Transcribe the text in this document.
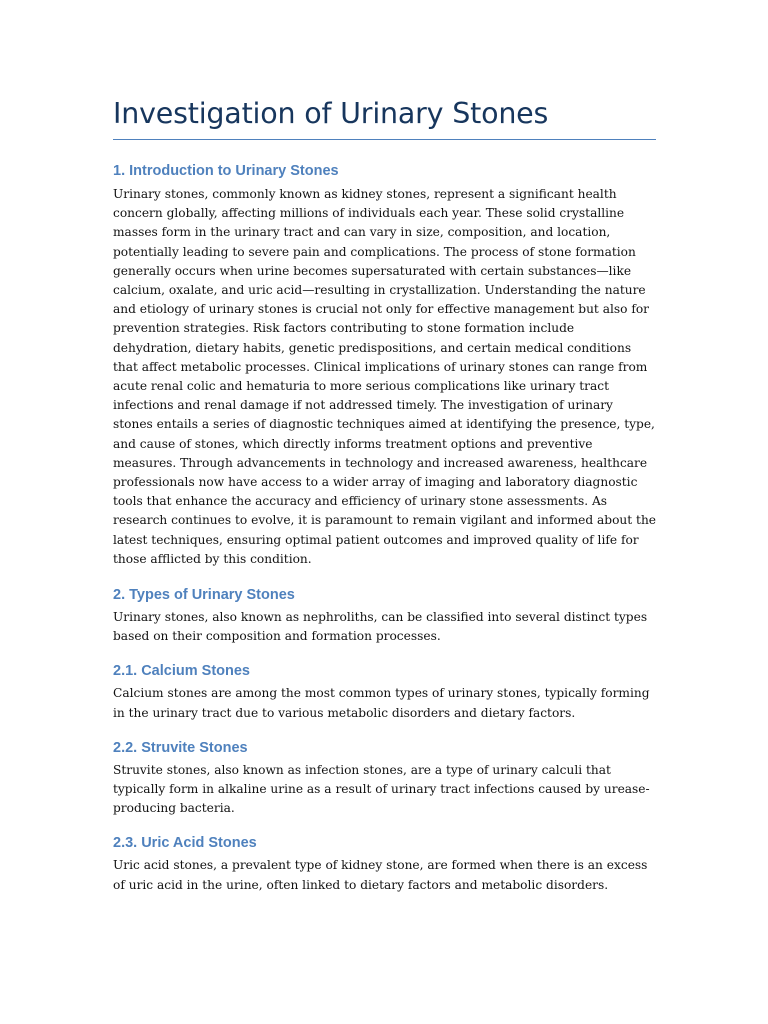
Investigation of Urinary Stones
1. Introduction to Urinary Stones

Urinary stones, commonly known as kidney stones, represent a significant health concern globally, affecting millions of individuals each year. These solid crystalline masses form in the urinary tract and can vary in size, composition, and location, potentially leading to severe pain and complications. The process of stone formation generally occurs when urine becomes supersaturated with certain substances—like calcium, oxalate, and uric acid—resulting in crystallization. Understanding the nature and etiology of urinary stones is crucial not only for effective management but also for prevention strategies. Risk factors contributing to stone formation include dehydration, dietary habits, genetic predispositions, and certain medical conditions that affect metabolic processes. Clinical implications of urinary stones can range from acute renal colic and hematuria to more serious complications like urinary tract infections and renal damage if not addressed timely. The investigation of urinary stones entails a series of diagnostic techniques aimed at identifying the presence, type, and cause of stones, which directly informs treatment options and preventive measures. Through advancements in technology and increased awareness, healthcare professionals now have access to a wider array of imaging and laboratory diagnostic tools that enhance the accuracy and efficiency of urinary stone assessments. As research continues to evolve, it is paramount to remain vigilant and informed about the latest techniques, ensuring optimal patient outcomes and improved quality of life for those afflicted by this condition.

2. Types of Urinary Stones

Urinary stones, also known as nephroliths, can be classified into several distinct types based on their composition and formation processes.

2.1. Calcium Stones

Calcium stones are among the most common types of urinary stones, typically forming in the urinary tract due to various metabolic disorders and dietary factors.

2.2. Struvite Stones

Struvite stones, also known as infection stones, are a type of urinary calculi that typically form in alkaline urine as a result of urinary tract infections caused by urease-producing bacteria.

2.3. Uric Acid Stones

Uric acid stones, a prevalent type of kidney stone, are formed when there is an excess of uric acid in the urine, often linked to dietary factors and metabolic disorders.
